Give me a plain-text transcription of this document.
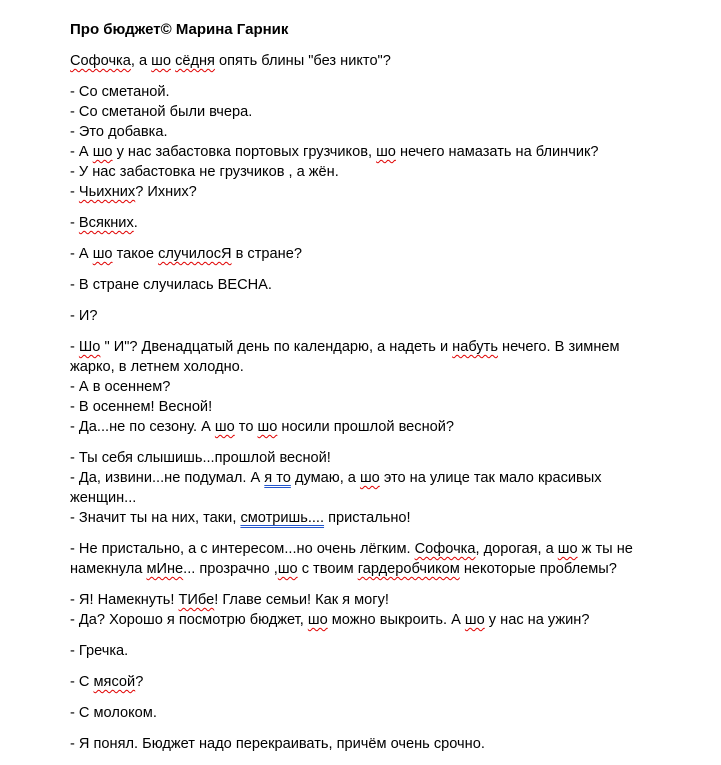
Про бюджет© Марина Гарник
Софочка, а шо сёдня опять блины "без никто"?
- Со сметаной.
- Со сметаной были вчера.
- Это добавка.
- А шо у нас забастовка портовых грузчиков, шо нечего намазать на блинчик?
- У нас забастовка не грузчиков , а жён.
- Чьихних? Ихних?
- Всякних.
- А шо такое случилосЯ в стране?
- В стране случилась ВЕСНА.
- И?
- Шо " И"? Двенадцатый день по календарю, а надеть и набуть нечего. В зимнем
жарко, в летнем холодно.
- А в осеннем?
- В осеннем! Весной!
- Да...не по сезону. А шо то шо носили прошлой весной?
- Ты себя слышишь...прошлой весной!
- Да, извини...не подумал. А я то думаю, а шо это на улице так мало красивых
женщин...
- Значит ты на них, таки, смотришь.... пристально!
- Не пристально, а с интересом...но очень лёгким. Софочка, дорогая, а шо ж ты не
намекнула мИне... прозрачно ,шо с твоим гардеробчиком некоторые проблемы?
- Я! Намекнуть! ТИбе! Главе семьи! Как я могу!
- Да? Хорошо я посмотрю бюджет, шо можно выкроить. А шо у нас на ужин?
- Гречка.
- С мясой?
- С молоком.
- Я понял. Бюджет надо перекраивать, причём очень срочно.
